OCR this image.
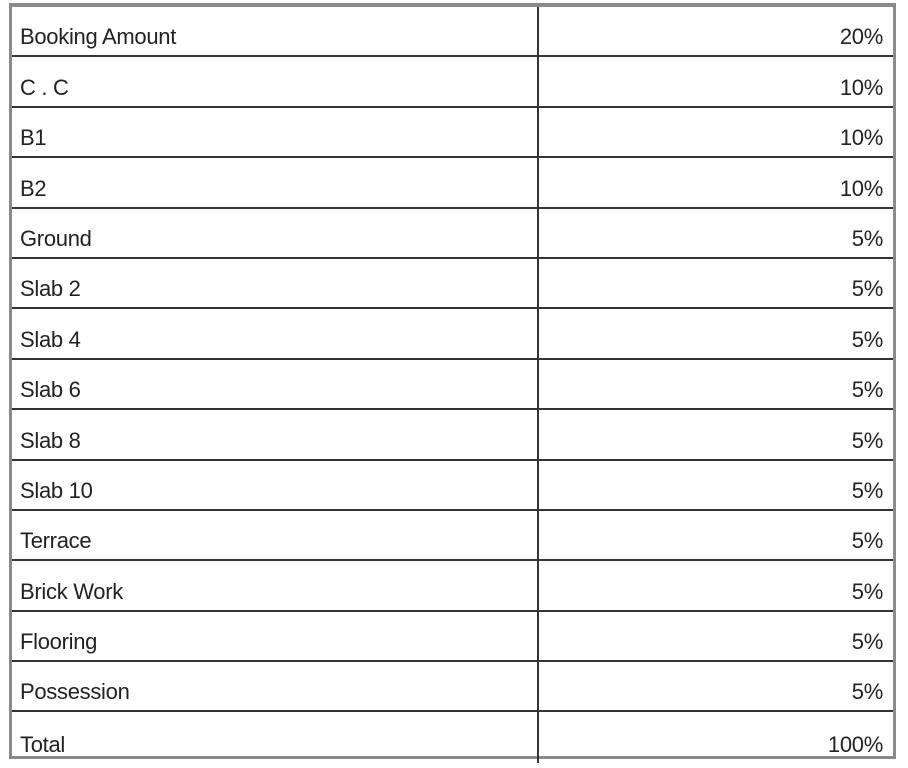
Booking Amount	20%
C . C	10%
B1	10%
B2	10%
Ground	5%
Slab 2	5%
Slab 4	5%
Slab 6	5%
Slab 8	5%
Slab 10	5%
Terrace	5%
Brick Work	5%
Flooring	5%
Possession	5%
Total	100%
